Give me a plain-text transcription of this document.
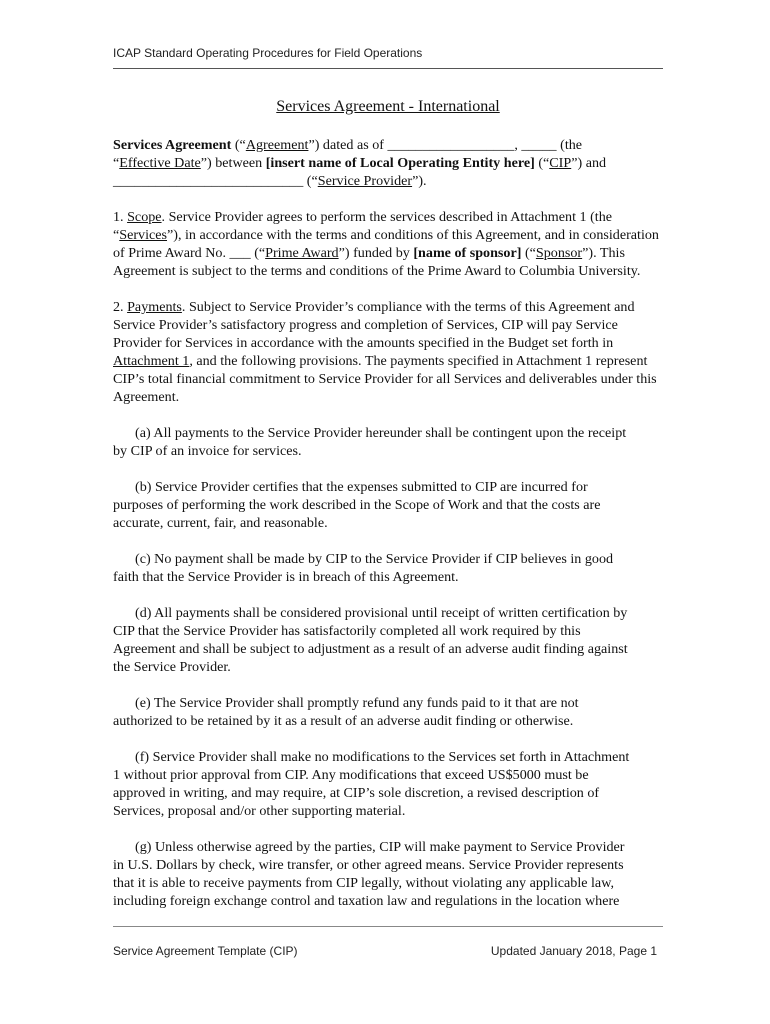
ICAP Standard Operating Procedures for Field Operations
Services Agreement - International
Services Agreement (“Agreement”) dated as of __________________, _____ (the
“Effective Date”) between [insert name of Local Operating Entity here] (“CIP”) and
___________________________ (“Service Provider”).
1. Scope. Service Provider agrees to perform the services described in Attachment 1 (the
“Services”), in accordance with the terms and conditions of this Agreement, and in consideration
of Prime Award No. ___ (“Prime Award”) funded by [name of sponsor] (“Sponsor”). This
Agreement is subject to the terms and conditions of the Prime Award to Columbia University.
2. Payments. Subject to Service Provider’s compliance with the terms of this Agreement and
Service Provider’s satisfactory progress and completion of Services, CIP will pay Service
Provider for Services in accordance with the amounts specified in the Budget set forth in
Attachment 1, and the following provisions. The payments specified in Attachment 1 represent
CIP’s total financial commitment to Service Provider for all Services and deliverables under this
Agreement.
(a) All payments to the Service Provider hereunder shall be contingent upon the receipt
by CIP of an invoice for services.
(b) Service Provider certifies that the expenses submitted to CIP are incurred for
purposes of performing the work described in the Scope of Work and that the costs are
accurate, current, fair, and reasonable.
(c) No payment shall be made by CIP to the Service Provider if CIP believes in good
faith that the Service Provider is in breach of this Agreement.
(d) All payments shall be considered provisional until receipt of written certification by
CIP that the Service Provider has satisfactorily completed all work required by this
Agreement and shall be subject to adjustment as a result of an adverse audit finding against
the Service Provider.
(e) The Service Provider shall promptly refund any funds paid to it that are not
authorized to be retained by it as a result of an adverse audit finding or otherwise.
(f) Service Provider shall make no modifications to the Services set forth in Attachment
1 without prior approval from CIP. Any modifications that exceed US$5000 must be
approved in writing, and may require, at CIP’s sole discretion, a revised description of
Services, proposal and/or other supporting material.
(g) Unless otherwise agreed by the parties, CIP will make payment to Service Provider
in U.S. Dollars by check, wire transfer, or other agreed means. Service Provider represents
that it is able to receive payments from CIP legally, without violating any applicable law,
including foreign exchange control and taxation law and regulations in the location where
Service Agreement Template (CIP)	Updated January 2018, Page 1
